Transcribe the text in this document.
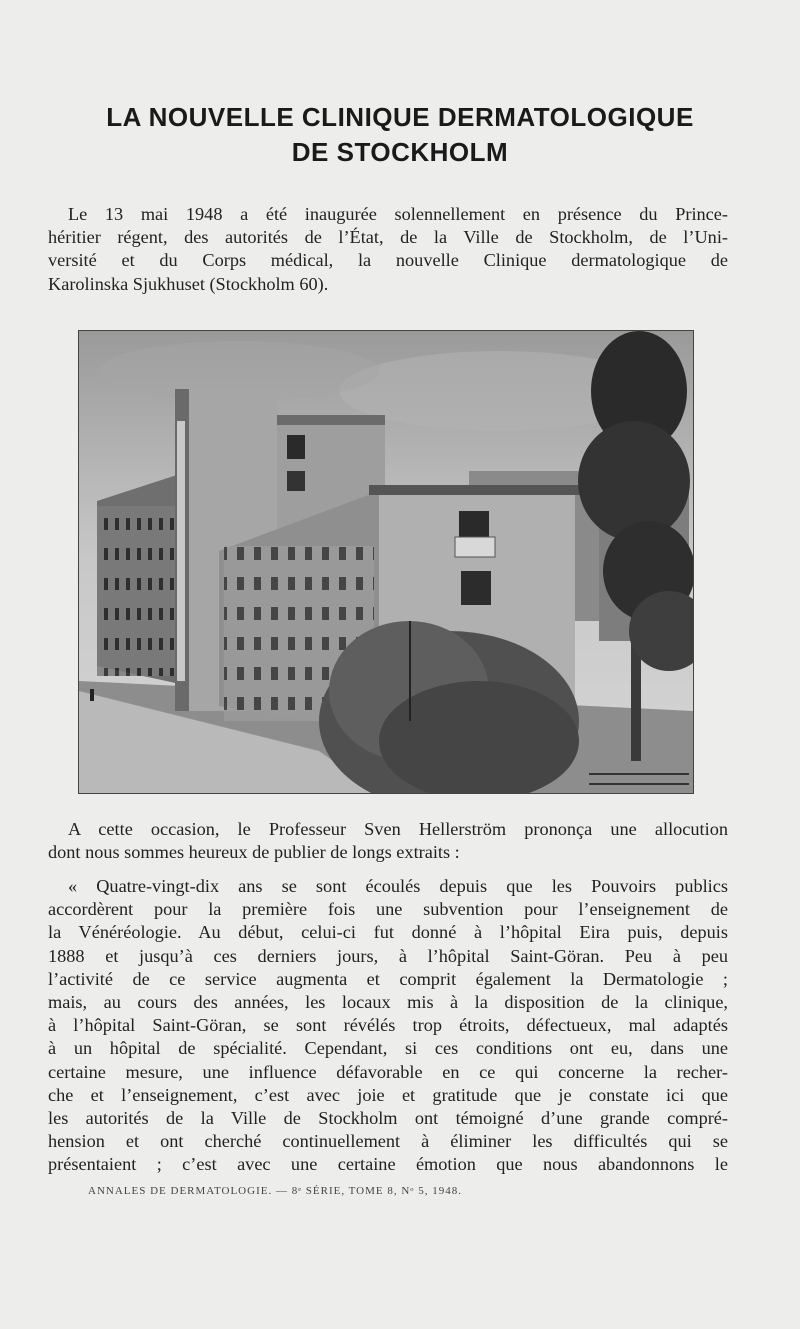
LA NOUVELLE CLINIQUE DERMATOLOGIQUE
DE STOCKHOLM
Le 13 mai 1948 a été inaugurée solennellement en présence du Prince-
héritier régent, des autorités de l’État, de la Ville de Stockholm, de l’Uni-
versité et du Corps médical, la nouvelle Clinique dermatologique de
Karolinska Sjukhuset (Stockholm 60).
A cette occasion, le Professeur Sven Hellerström prononça une allocution
dont nous sommes heureux de publier de longs extraits :
« Quatre-vingt-dix ans se sont écoulés depuis que les Pouvoirs publics
accordèrent pour la première fois une subvention pour l’enseignement de
la Vénéréologie. Au début, celui-ci fut donné à l’hôpital Eira puis, depuis
1888 et jusqu’à ces derniers jours, à l’hôpital Saint-Göran. Peu à peu
l’activité de ce service augmenta et comprit également la Dermatologie ;
mais, au cours des années, les locaux mis à la disposition de la clinique,
à l’hôpital Saint-Göran, se sont révélés trop étroits, défectueux, mal adaptés
à un hôpital de spécialité. Cependant, si ces conditions ont eu, dans une
certaine mesure, une influence défavorable en ce qui concerne la recher-
che et l’enseignement, c’est avec joie et gratitude que je constate ici que
les autorités de la Ville de Stockholm ont témoigné d’une grande compré-
hension et ont cherché continuellement à éliminer les difficultés qui se
présentaient ; c’est avec une certaine émotion que nous abandonnons le
ANNALES DE DERMATOLOGIE. — 8ᵉ SÉRIE, TOME 8, Nᵒ 5, 1948.
